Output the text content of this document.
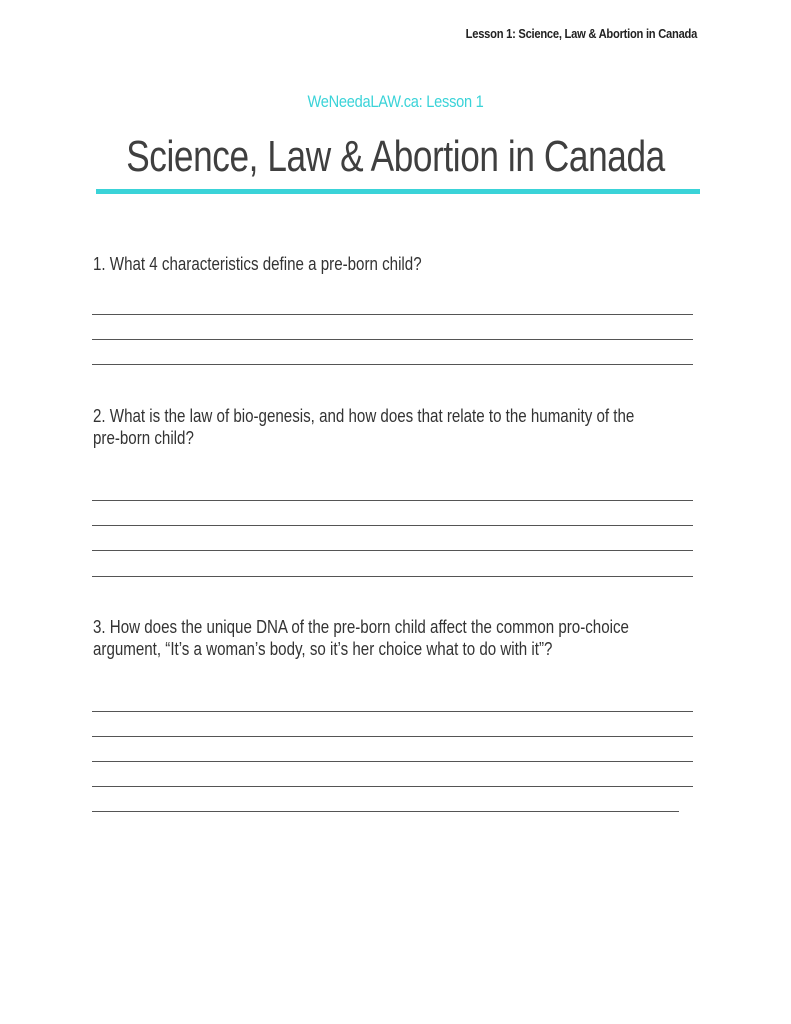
Lesson 1: Science, Law & Abortion in Canada
WeNeedaLAW.ca: Lesson 1
Science, Law & Abortion in Canada
1. What 4 characteristics define a pre-born child?
2. What is the law of bio-genesis, and how does that relate to the humanity of the pre-born child?
3. How does the unique DNA of the pre-born child affect the common pro-choice argument, “It’s a woman’s body, so it’s her choice what to do with it”?
